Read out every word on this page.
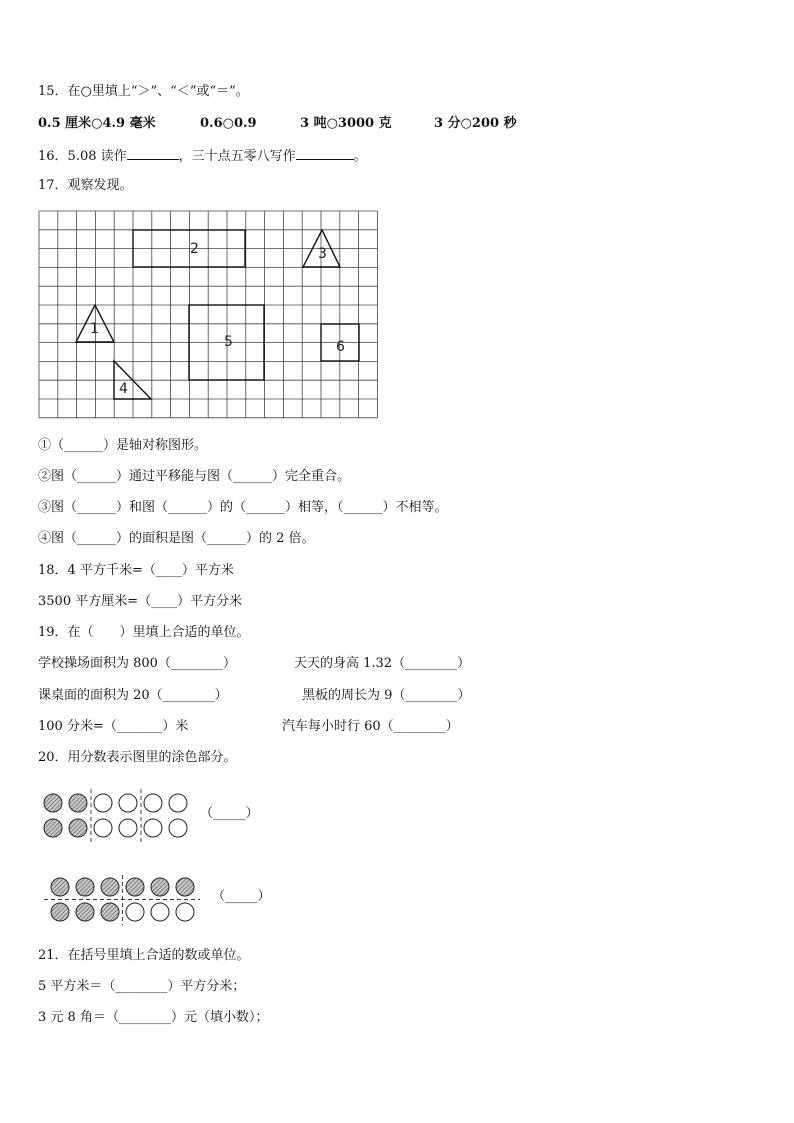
15．在○里填上“＞”、“＜”或“＝”。
0.5 厘米○4.9 毫米	0.6○0.9	3 吨○3000 克	3 分○200 秒
16．5.08 读作	，三十点五零八写作	。
17．观察发现。
2	3
1
5	6
4
①（______）是轴对称图形。
②图（______）通过平移能与图（______）完全重合。
③图（______）和图（______）的（______）相等，（______）不相等。
④图（______）的面积是图（______）的 2 倍。
18．4 平方千米=（____）平方米
3500 平方厘米=（____）平方分米
19．在（　　）里填上合适的单位。
学校操场面积为 800（________）	天天的身高 1.32（________）
课桌面的面积为 20（________）	黑板的周长为 9（________）
100 分米=（_______）米	汽车每小时行 60（________）
20．用分数表示图里的涂色部分。
（_____）
（_____）
21．在括号里填上合适的数或单位。
5 平方米＝（________）平方分米；
3 元 8 角＝（________）元（填小数）；
